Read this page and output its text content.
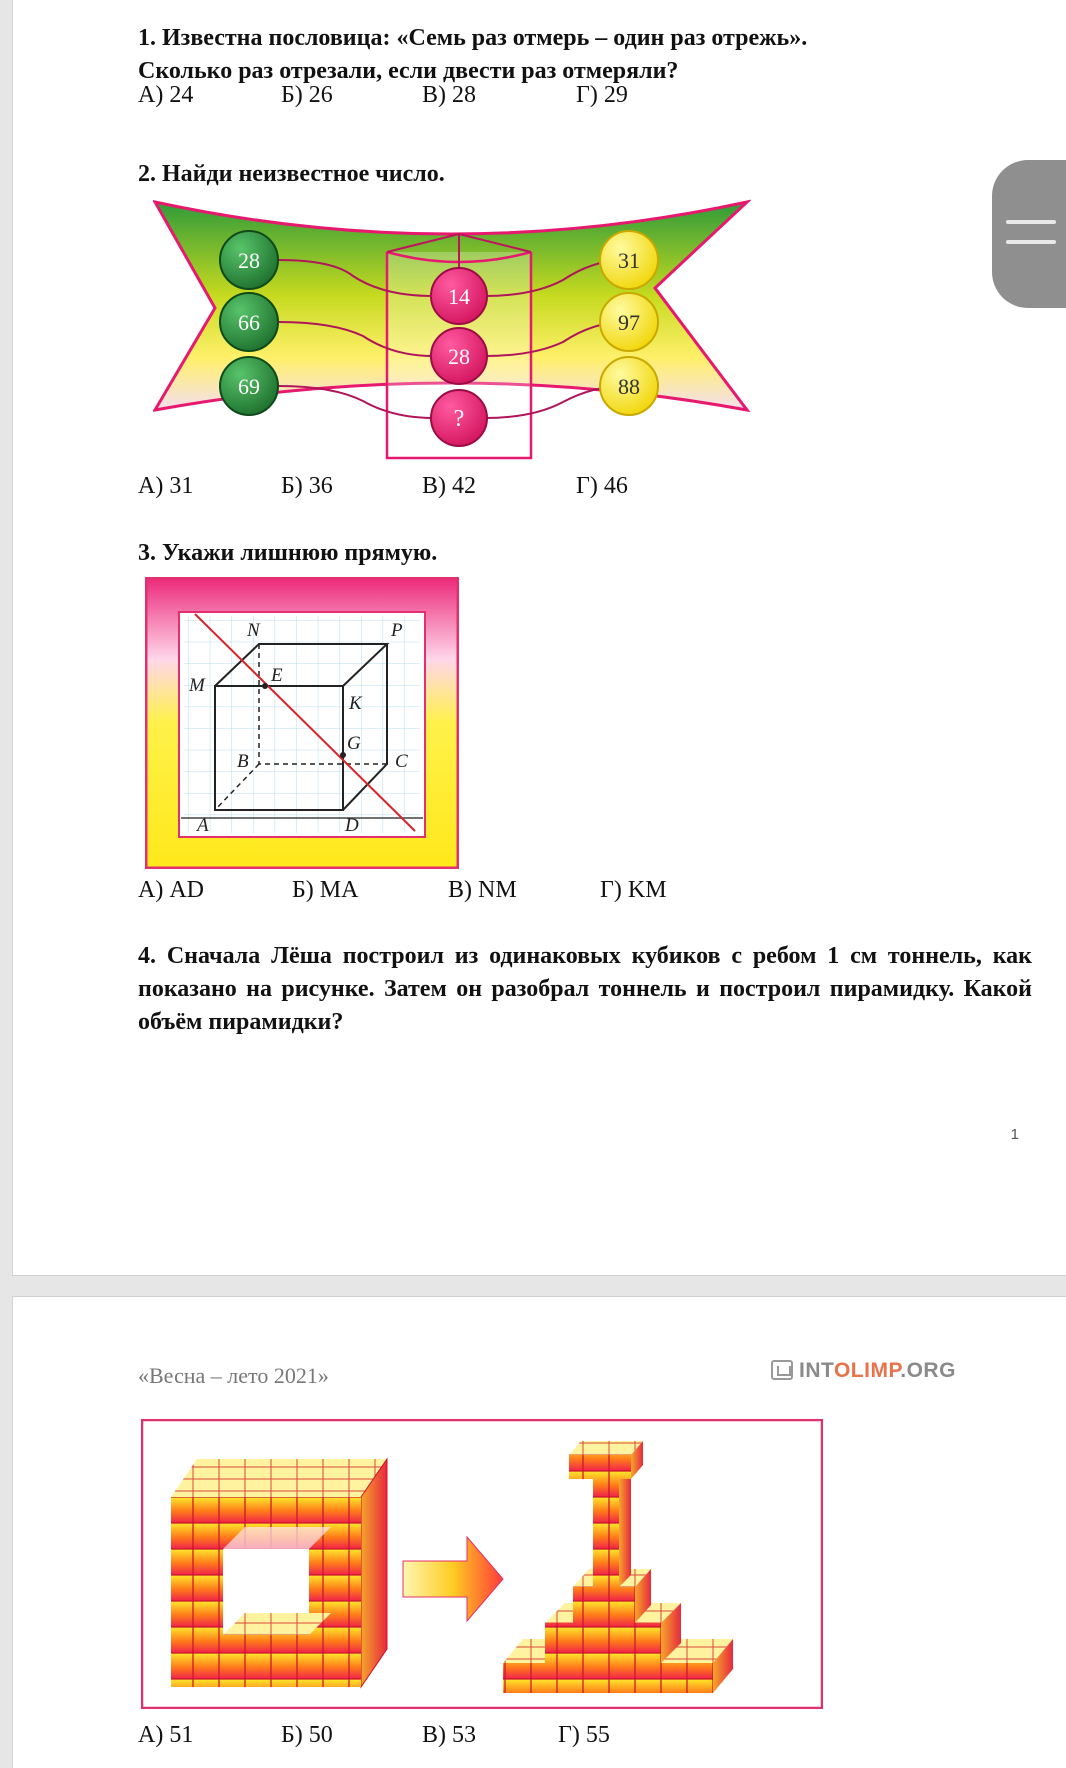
1. Известна пословица: «Семь раз отмерь – один раз отрежь». Сколько раз отрезали, если двести раз отмеряли?
А) 24	Б) 26	В) 28	Г) 29
2. Найди неизвестное число.
28
66
69
14
28
?
31
97
88
А) 31	Б) 36	В) 42	Г) 46
3. Укажи лишнюю прямую.
N	P
M	E
K
G
B	C
A	D
А) AD	Б) MA	В) NM	Г) KM
4. Сначала Лёша построил из одинаковых кубиков с ребом 1 см тоннель, как показано на рисунке. Затем он разобрал тоннель и построил пирамидку. Какой объём пирамидки?
1
«Весна – лето 2021»	INTOLIMP.ORG
А) 51	Б) 50	В) 53	Г) 55
